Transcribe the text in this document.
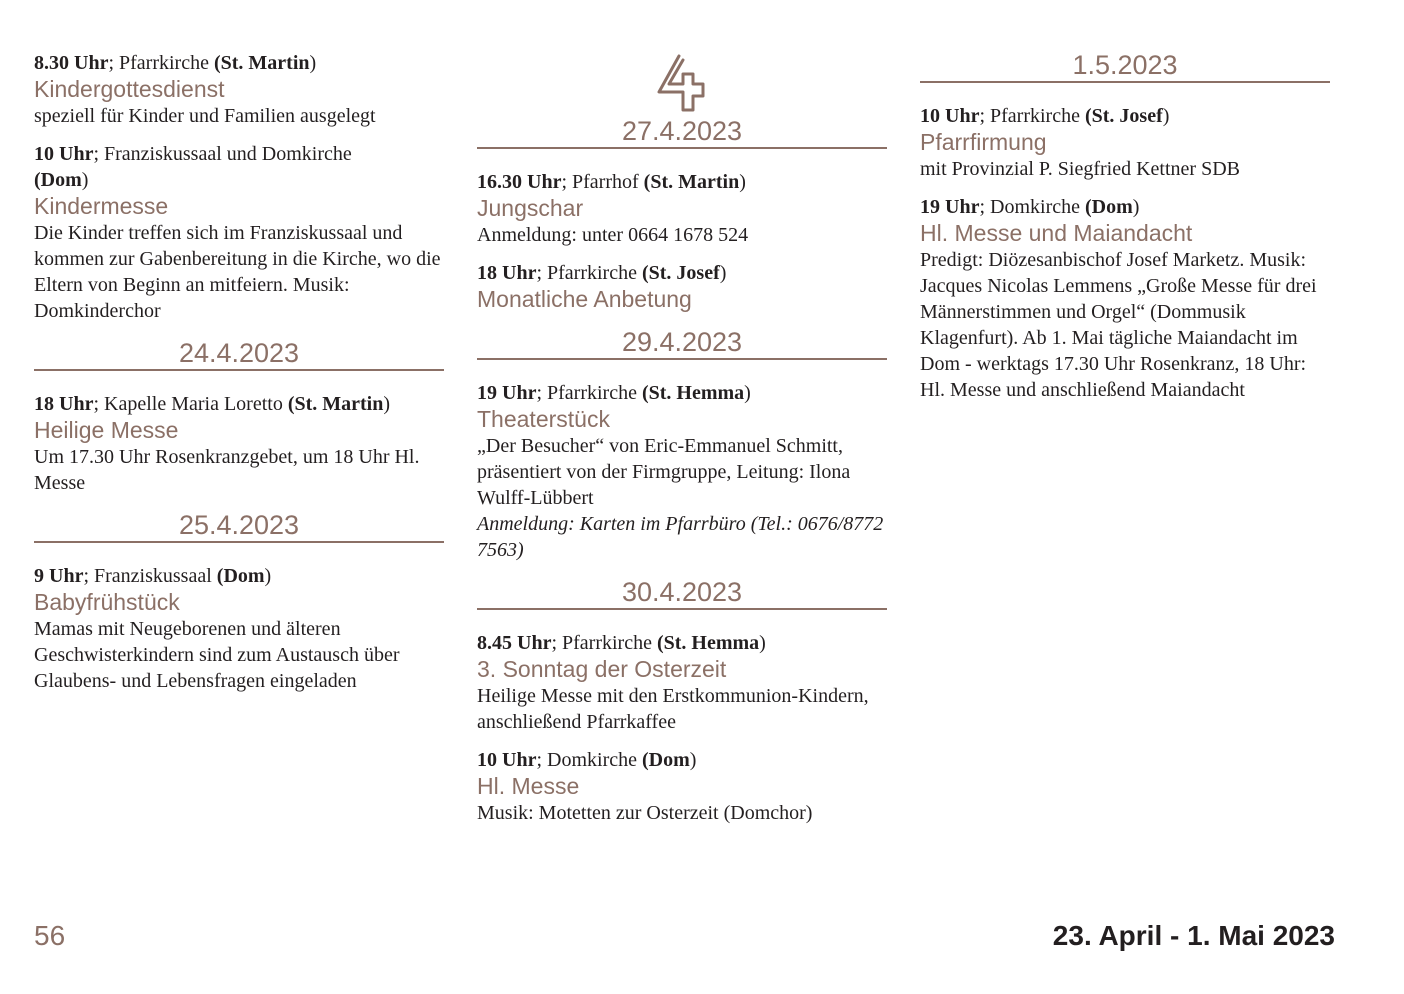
8.30 Uhr; Pfarrkirche (St. Martin)
Kindergottesdienst
speziell für Kinder und Familien ausgelegt
10 Uhr; Franziskussaal und Domkirche
(Dom)
Kindermesse
Die Kinder treffen sich im Franziskussaal und kommen zur Gabenbereitung in die Kirche, wo die Eltern von Beginn an mitfeiern. Musik: Domkinderchor
24.4.2023
18 Uhr; Kapelle Maria Loretto (St. Martin)
Heilige Messe
Um 17.30 Uhr Rosenkranzgebet, um 18 Uhr Hl. Messe
25.4.2023
9 Uhr; Franziskussaal (Dom)
Babyfrühstück
Mamas mit Neugeborenen und älteren Geschwisterkindern sind zum Austausch über Glaubens- und Lebensfragen eingeladen
27.4.2023
16.30 Uhr; Pfarrhof (St. Martin)
Jungschar
Anmeldung: unter 0664 1678 524
18 Uhr; Pfarrkirche (St. Josef)
Monatliche Anbetung
29.4.2023
19 Uhr; Pfarrkirche (St. Hemma)
Theaterstück
„Der Besucher“ von Eric-Emmanuel Schmitt, präsentiert von der Firmgruppe, Leitung: Ilona Wulff-Lübbert
Anmeldung: Karten im Pfarrbüro (Tel.: 0676/8772 7563)
30.4.2023
8.45 Uhr; Pfarrkirche (St. Hemma)
3. Sonntag der Osterzeit
Heilige Messe mit den Erstkommunion-Kindern, anschließend Pfarrkaffee
10 Uhr; Domkirche (Dom)
Hl. Messe
Musik: Motetten zur Osterzeit (Domchor)
1.5.2023
10 Uhr; Pfarrkirche (St. Josef)
Pfarrfirmung
mit Provinzial P. Siegfried Kettner SDB
19 Uhr; Domkirche (Dom)
Hl. Messe und Maiandacht
Predigt: Diözesanbischof Josef Marketz. Musik: Jacques Nicolas Lemmens „Große Messe für drei Männerstimmen und Orgel“ (Dommusik Klagenfurt). Ab 1. Mai tägliche Maiandacht im Dom - werktags 17.30 Uhr Rosenkranz, 18 Uhr: Hl. Messe und anschließend Maiandacht
56	23. April - 1. Mai 2023
